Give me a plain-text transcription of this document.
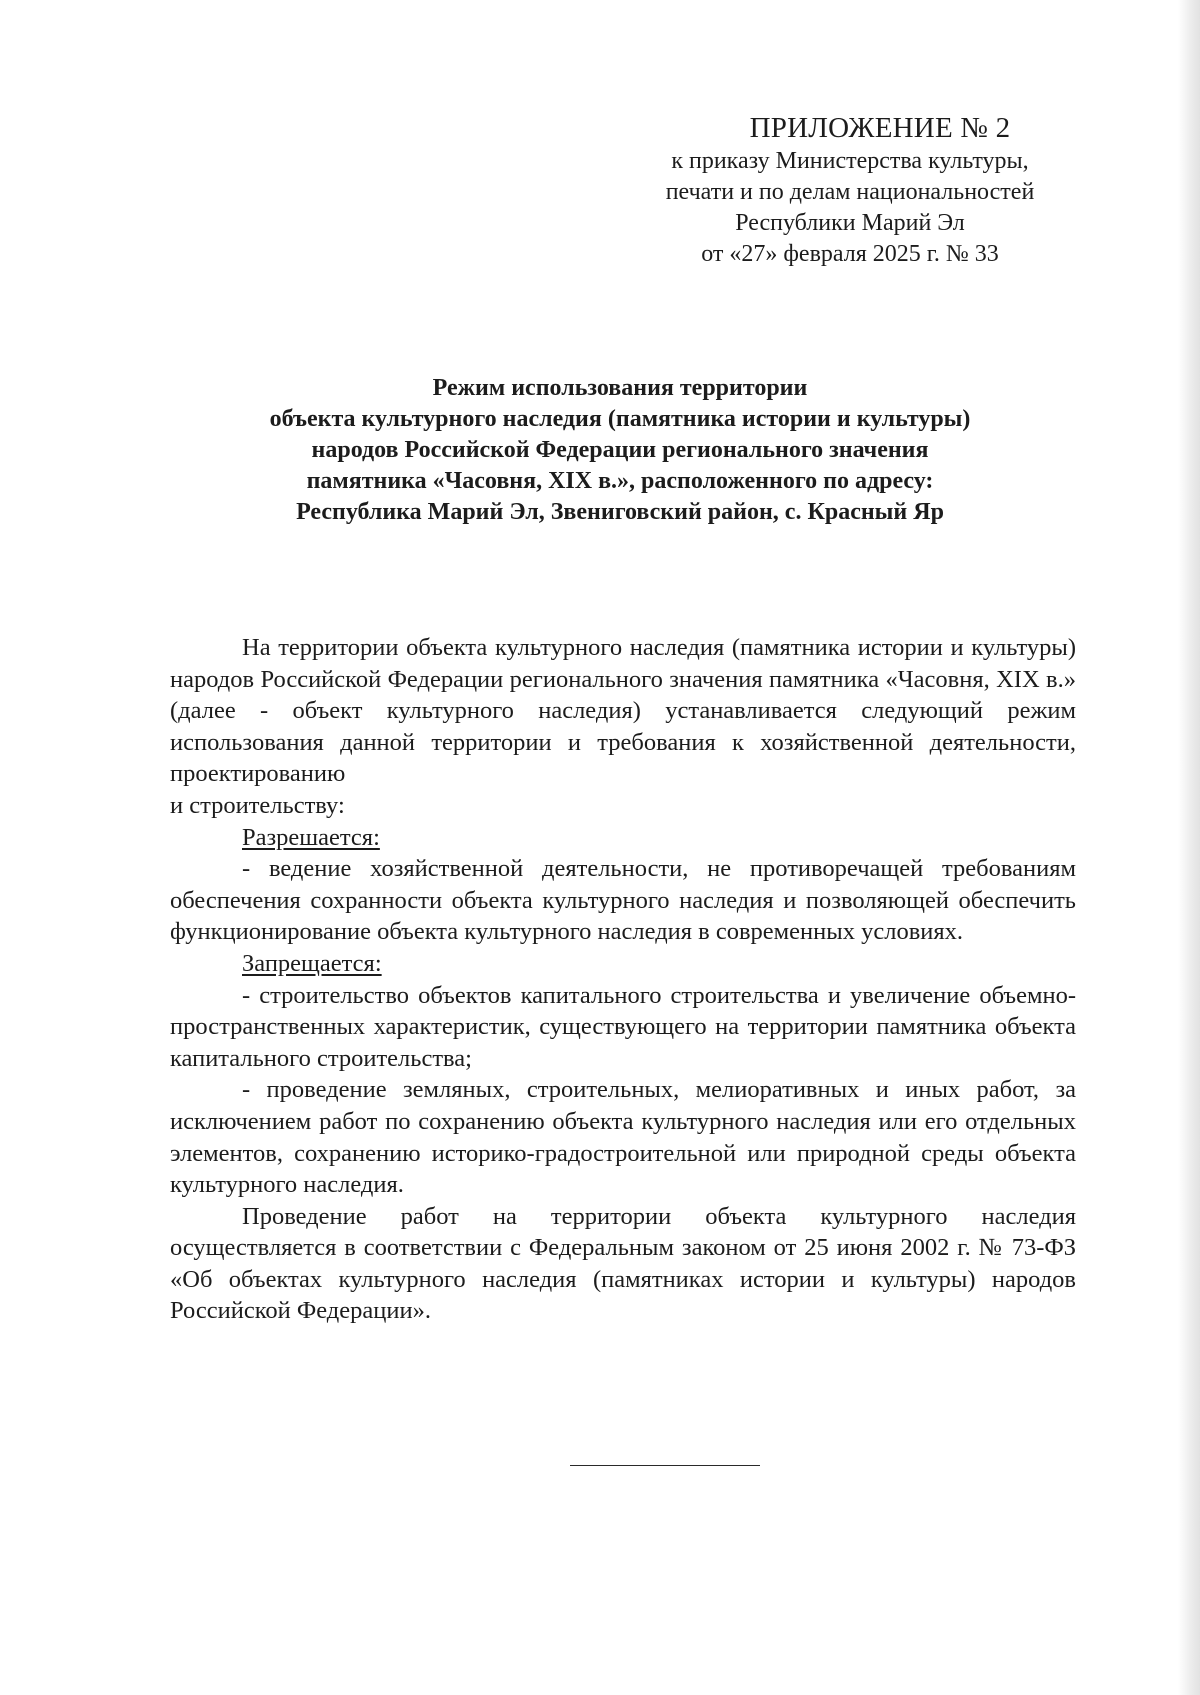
ПРИЛОЖЕНИЕ № 2
к приказу Министерства культуры,
печати и по делам национальностей
Республики Марий Эл
от «27» февраля 2025 г. № 33
Режим использования территории
объекта культурного наследия (памятника истории и культуры)
народов Российской Федерации регионального значения
памятника «Часовня, XIX в.», расположенного по адресу:
Республика Марий Эл, Звениговский район, с. Красный Яр

На территории объекта культурного наследия (памятника истории и культуры) народов Российской Федерации регионального значения памятника «Часовня, XIX в.» (далее - объект культурного наследия) устанавливается следующий режим использования данной территории и требования к хозяйственной деятельности, проектированию

и строительству:

Разрешается:

- ведение хозяйственной деятельности, не противоречащей требованиям обеспечения сохранности объекта культурного наследия и позволяющей обеспечить функционирование объекта культурного наследия в современных условиях.

Запрещается:

- строительство объектов капитального строительства и увеличение объемно-пространственных характеристик, существующего на территории памятника объекта капитального строительства;

- проведение земляных, строительных, мелиоративных и иных работ, за исключением работ по сохранению объекта культурного наследия или его отдельных элементов, сохранению историко-градостроительной или природной среды объекта культурного наследия.

Проведение работ на территории объекта культурного наследия осуществляется в соответствии с Федеральным законом от 25 июня 2002 г. № 73-ФЗ «Об объектах культурного наследия (памятниках истории и культуры) народов Российской Федерации».
